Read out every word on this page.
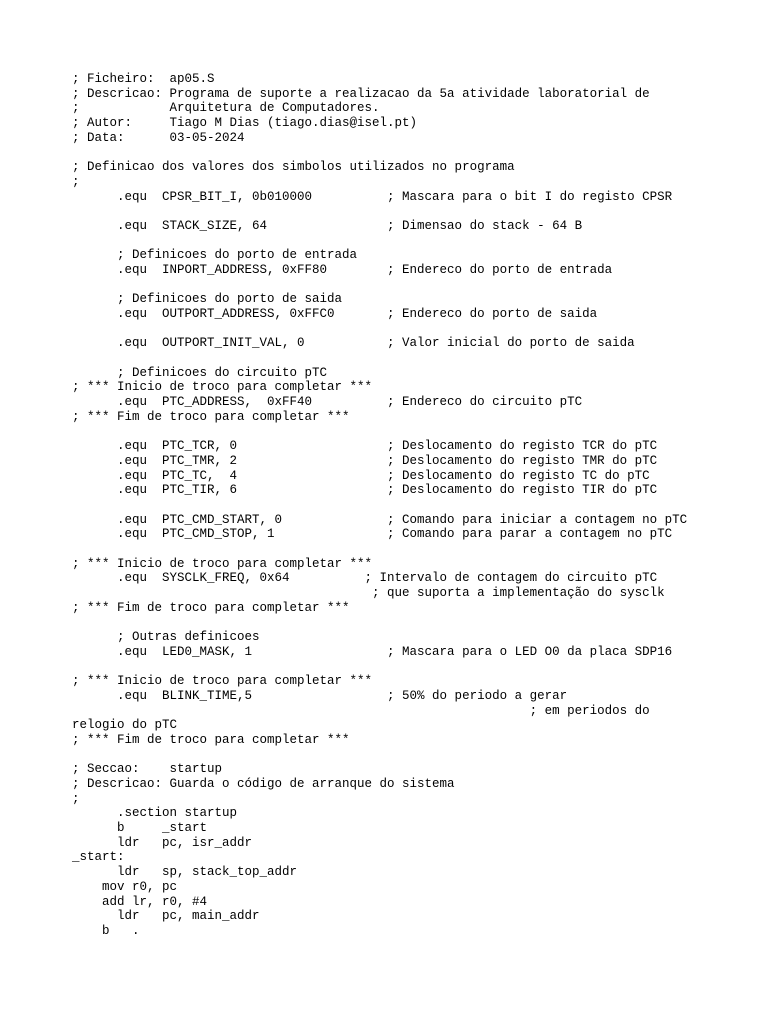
; Ficheiro:  ap05.S
; Descricao: Programa de suporte a realizacao da 5a atividade laboratorial de
;            Arquitetura de Computadores.
; Autor:     Tiago M Dias (tiago.dias@isel.pt)
; Data:      03-05-2024
; Definicao dos valores dos simbolos utilizados no programa
;
.equ  CPSR_BIT_I, 0b010000          ; Mascara para o bit I do registo CPSR
.equ  STACK_SIZE, 64                ; Dimensao do stack - 64 B
; Definicoes do porto de entrada
.equ  INPORT_ADDRESS, 0xFF80        ; Endereco do porto de entrada
; Definicoes do porto de saida
.equ  OUTPORT_ADDRESS, 0xFFC0       ; Endereco do porto de saida
.equ  OUTPORT_INIT_VAL, 0           ; Valor inicial do porto de saida
; Definicoes do circuito pTC
; *** Inicio de troco para completar ***
.equ  PTC_ADDRESS,  0xFF40          ; Endereco do circuito pTC
; *** Fim de troco para completar ***
.equ  PTC_TCR, 0                    ; Deslocamento do registo TCR do pTC
.equ  PTC_TMR, 2                    ; Deslocamento do registo TMR do pTC
.equ  PTC_TC,  4                    ; Deslocamento do registo TC do pTC
.equ  PTC_TIR, 6                    ; Deslocamento do registo TIR do pTC
.equ  PTC_CMD_START, 0              ; Comando para iniciar a contagem no pTC
.equ  PTC_CMD_STOP, 1               ; Comando para parar a contagem no pTC
; *** Inicio de troco para completar ***
.equ  SYSCLK_FREQ, 0x64          ; Intervalo de contagem do circuito pTC
; que suporta a implementação do sysclk
; *** Fim de troco para completar ***
; Outras definicoes
.equ  LED0_MASK, 1                  ; Mascara para o LED O0 da placa SDP16
; *** Inicio de troco para completar ***
.equ  BLINK_TIME,5                  ; 50% do periodo a gerar
; em periodos do
relogio do pTC
; *** Fim de troco para completar ***
; Seccao:    startup
; Descricao: Guarda o código de arranque do sistema
;
.section startup
b     _start
ldr   pc, isr_addr
_start:
ldr   sp, stack_top_addr
mov r0, pc
add lr, r0, #4
ldr   pc, main_addr
b   .
